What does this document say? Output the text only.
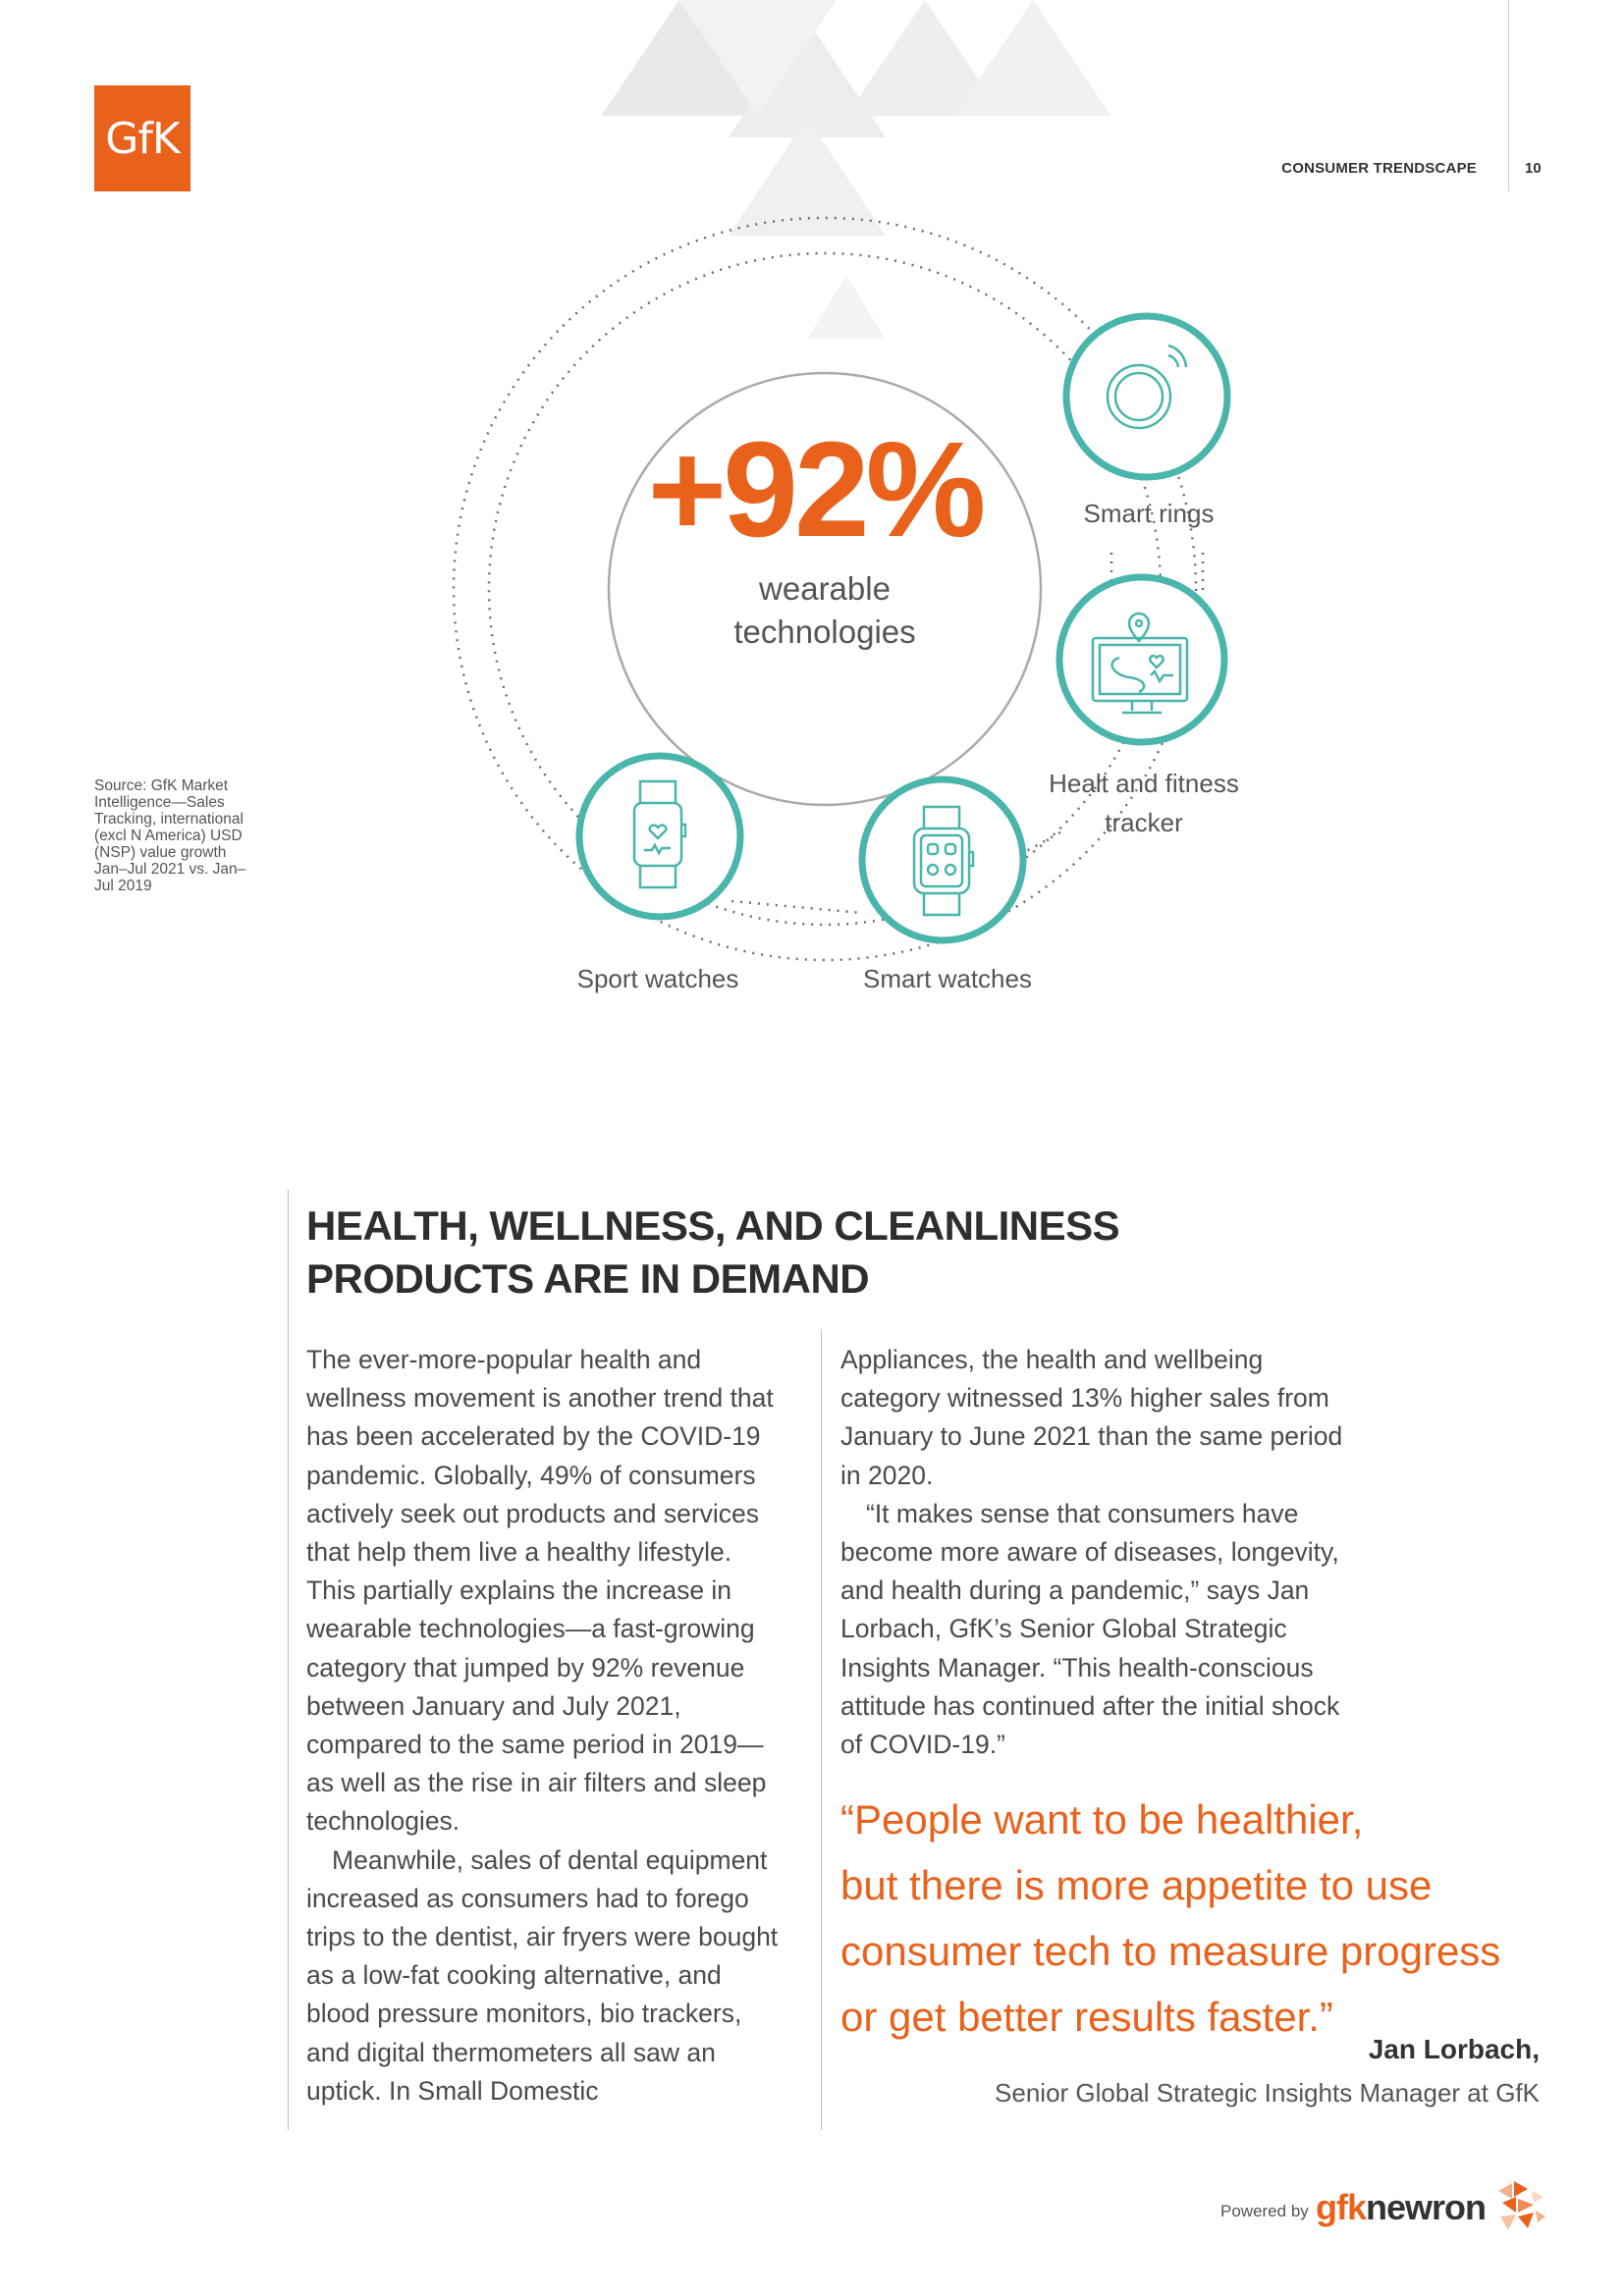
GfK
CONSUMER TRENDSCAPE	10
+92%
wearable
technologies
Smart rings
Healt and fitness
tracker
Sport watches	Smart watches
Source: GfK Market Intelligence—Sales Tracking, international (excl N America) USD (NSP) value growth Jan–Jul 2021 vs. Jan–Jul 2019
HEALTH, WELLNESS, AND CLEANLINESS
PRODUCTS ARE IN DEMAND

The ever-more-popular health and wellness movement is another trend that has been accelerated by the COVID-19 pandemic. Globally, 49% of consumers actively seek out products and services that help them live a healthy lifestyle. This partially explains the increase in wearable technologies—a fast-growing category that jumped by 92% revenue between January and July 2021, compared to the same period in 2019—as well as the rise in air filters and sleep technologies.

Meanwhile, sales of dental equipment increased as consumers had to forego trips to the dentist, air fryers were bought as a low-fat cooking alternative, and blood pressure monitors, bio trackers, and digital thermometers all saw an uptick. In Small Domestic

Appliances, the health and wellbeing category witnessed 13% higher sales from January to June 2021 than the same period in 2020.

“It makes sense that consumers have become more aware of diseases, longevity, and health during a pandemic,” says Jan Lorbach, GfK’s Senior Global Strategic Insights Manager. “This health-conscious attitude has continued after the initial shock of COVID-19.”

“People want to be healthier,
but there is more appetite to use
consumer tech to measure progress
or get better results faster.”
Jan Lorbach,
Senior Global Strategic Insights Manager at GfK
Powered by gfknewron
